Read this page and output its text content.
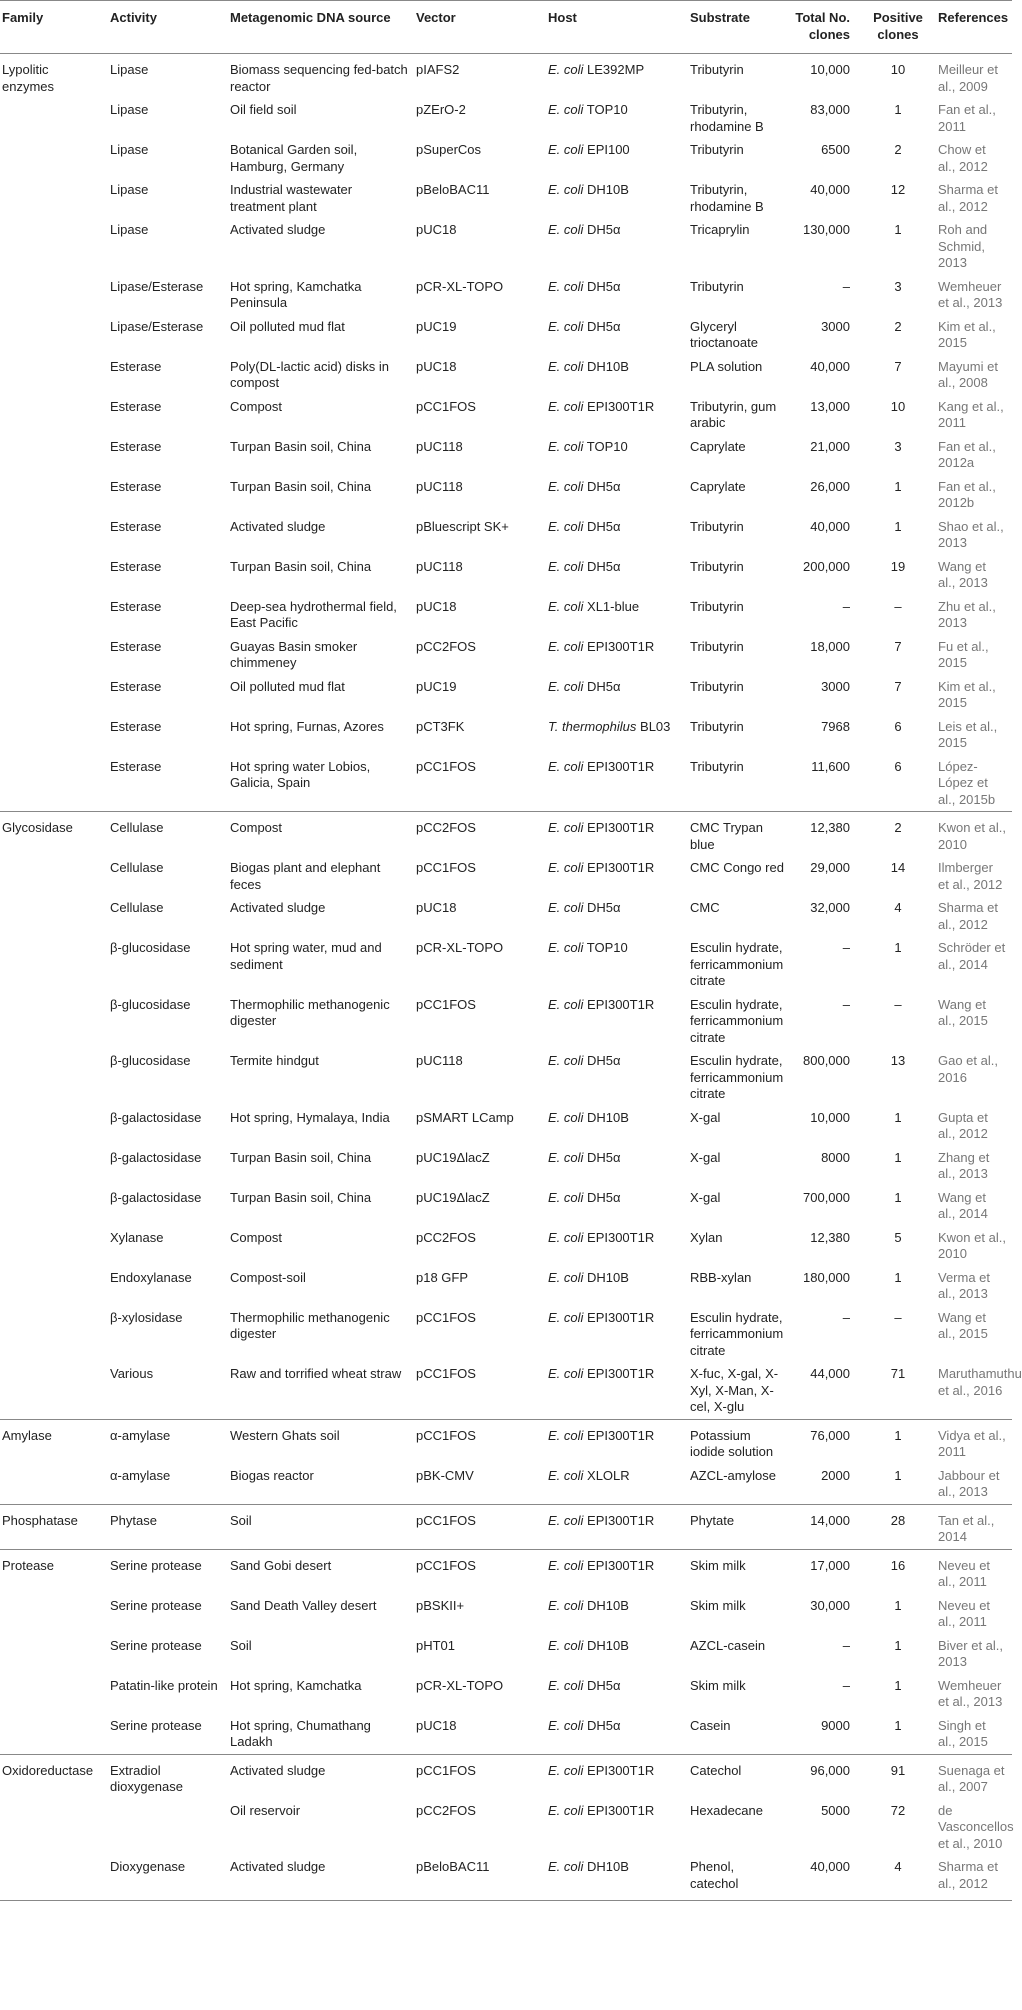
Family	Activity	Metagenomic DNA source	Vector	Host	Substrate	Total No. clones	Positive clones	References
Lypolitic enzymes	Lipase	Biomass sequencing fed-batch reactor	pIAFS2	E. coli LE392MP	Tributyrin	10,000	10	Meilleur et al., 2009
	Lipase	Oil field soil	pZErO-2	E. coli TOP10	Tributyrin, rhodamine B	83,000	1	Fan et al., 2011
	Lipase	Botanical Garden soil, Hamburg, Germany	pSuperCos	E. coli EPI100	Tributyrin	6500	2	Chow et al., 2012
	Lipase	Industrial wastewater treatment plant	pBeloBAC11	E. coli DH10B	Tributyrin, rhodamine B	40,000	12	Sharma et al., 2012
	Lipase	Activated sludge	pUC18	E. coli DH5α	Tricaprylin	130,000	1	Roh and Schmid, 2013
	Lipase/Esterase	Hot spring, Kamchatka Peninsula	pCR-XL-TOPO	E. coli DH5α	Tributyrin	–	3	Wemheuer et al., 2013
	Lipase/Esterase	Oil polluted mud flat	pUC19	E. coli DH5α	Glyceryl trioctanoate	3000	2	Kim et al., 2015
	Esterase	Poly(DL-lactic acid) disks in compost	pUC18	E. coli DH10B	PLA solution	40,000	7	Mayumi et al., 2008
	Esterase	Compost	pCC1FOS	E. coli EPI300T1R	Tributyrin, gum arabic	13,000	10	Kang et al., 2011
	Esterase	Turpan Basin soil, China	pUC118	E. coli TOP10	Caprylate	21,000	3	Fan et al., 2012a
	Esterase	Turpan Basin soil, China	pUC118	E. coli DH5α	Caprylate	26,000	1	Fan et al., 2012b
	Esterase	Activated sludge	pBluescript SK+	E. coli DH5α	Tributyrin	40,000	1	Shao et al., 2013
	Esterase	Turpan Basin soil, China	pUC118	E. coli DH5α	Tributyrin	200,000	19	Wang et al., 2013
	Esterase	Deep-sea hydrothermal field, East Pacific	pUC18	E. coli XL1-blue	Tributyrin	–	–	Zhu et al., 2013
	Esterase	Guayas Basin smoker chimmeney	pCC2FOS	E. coli EPI300T1R	Tributyrin	18,000	7	Fu et al., 2015
	Esterase	Oil polluted mud flat	pUC19	E. coli DH5α	Tributyrin	3000	7	Kim et al., 2015
	Esterase	Hot spring, Furnas, Azores	pCT3FK	T. thermophilus BL03	Tributyrin	7968	6	Leis et al., 2015
	Esterase	Hot spring water Lobios, Galicia, Spain	pCC1FOS	E. coli EPI300T1R	Tributyrin	11,600	6	López-López et al., 2015b
Glycosidase	Cellulase	Compost	pCC2FOS	E. coli EPI300T1R	CMC Trypan blue	12,380	2	Kwon et al., 2010
	Cellulase	Biogas plant and elephant feces	pCC1FOS	E. coli EPI300T1R	CMC Congo red	29,000	14	Ilmberger et al., 2012
	Cellulase	Activated sludge	pUC18	E. coli DH5α	CMC	32,000	4	Sharma et al., 2012
	β-glucosidase	Hot spring water, mud and sediment	pCR-XL-TOPO	E. coli TOP10	Esculin hydrate, ferricammonium citrate	–	1	Schröder et al., 2014
	β-glucosidase	Thermophilic methanogenic digester	pCC1FOS	E. coli EPI300T1R	Esculin hydrate, ferricammonium citrate	–	–	Wang et al., 2015
	β-glucosidase	Termite hindgut	pUC118	E. coli DH5α	Esculin hydrate, ferricammonium citrate	800,000	13	Gao et al., 2016
	β-galactosidase	Hot spring, Hymalaya, India	pSMART LCamp	E. coli DH10B	X-gal	10,000	1	Gupta et al., 2012
	β-galactosidase	Turpan Basin soil, China	pUC19ΔlacZ	E. coli DH5α	X-gal	8000	1	Zhang et al., 2013
	β-galactosidase	Turpan Basin soil, China	pUC19ΔlacZ	E. coli DH5α	X-gal	700,000	1	Wang et al., 2014
	Xylanase	Compost	pCC2FOS	E. coli EPI300T1R	Xylan	12,380	5	Kwon et al., 2010
	Endoxylanase	Compost-soil	p18 GFP	E. coli DH10B	RBB-xylan	180,000	1	Verma et al., 2013
	β-xylosidase	Thermophilic methanogenic digester	pCC1FOS	E. coli EPI300T1R	Esculin hydrate, ferricammonium citrate	–	–	Wang et al., 2015
	Various	Raw and torrified wheat straw	pCC1FOS	E. coli EPI300T1R	X-fuc, X-gal, X-Xyl, X-Man, X-cel, X-glu	44,000	71	Maruthamuthu et al., 2016
Amylase	α-amylase	Western Ghats soil	pCC1FOS	E. coli EPI300T1R	Potassium iodide solution	76,000	1	Vidya et al., 2011
	α-amylase	Biogas reactor	pBK-CMV	E. coli XLOLR	AZCL-amylose	2000	1	Jabbour et al., 2013
Phosphatase	Phytase	Soil	pCC1FOS	E. coli EPI300T1R	Phytate	14,000	28	Tan et al., 2014
Protease	Serine protease	Sand Gobi desert	pCC1FOS	E. coli EPI300T1R	Skim milk	17,000	16	Neveu et al., 2011
	Serine protease	Sand Death Valley desert	pBSKII+	E. coli DH10B	Skim milk	30,000	1	Neveu et al., 2011
	Serine protease	Soil	pHT01	E. coli DH10B	AZCL-casein	–	1	Biver et al., 2013
	Patatin-like protein	Hot spring, Kamchatka	pCR-XL-TOPO	E. coli DH5α	Skim milk	–	1	Wemheuer et al., 2013
	Serine protease	Hot spring, Chumathang Ladakh	pUC18	E. coli DH5α	Casein	9000	1	Singh et al., 2015
Oxidoreductase	Extradiol dioxygenase	Activated sludge	pCC1FOS	E. coli EPI300T1R	Catechol	96,000	91	Suenaga et al., 2007
		Oil reservoir	pCC2FOS	E. coli EPI300T1R	Hexadecane	5000	72	de Vasconcellos et al., 2010
	Dioxygenase	Activated sludge	pBeloBAC11	E. coli DH10B	Phenol, catechol	40,000	4	Sharma et al., 2012
